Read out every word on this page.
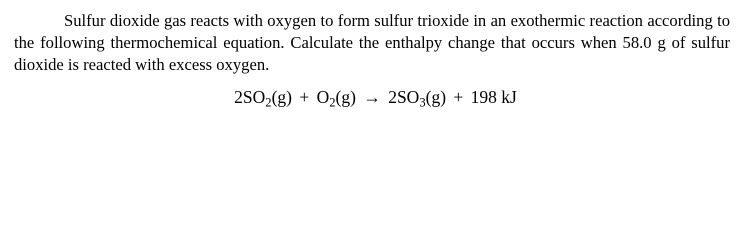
Sulfur dioxide gas reacts with oxygen to form sulfur trioxide in an exothermic reaction according to the following thermochemical equation. Calculate the enthalpy change that occurs when 58.0 g of sulfur dioxide is reacted with excess oxygen.

$2SO_2(g) + O_2(g) \to 2SO_3(g) + 198$ kJ
